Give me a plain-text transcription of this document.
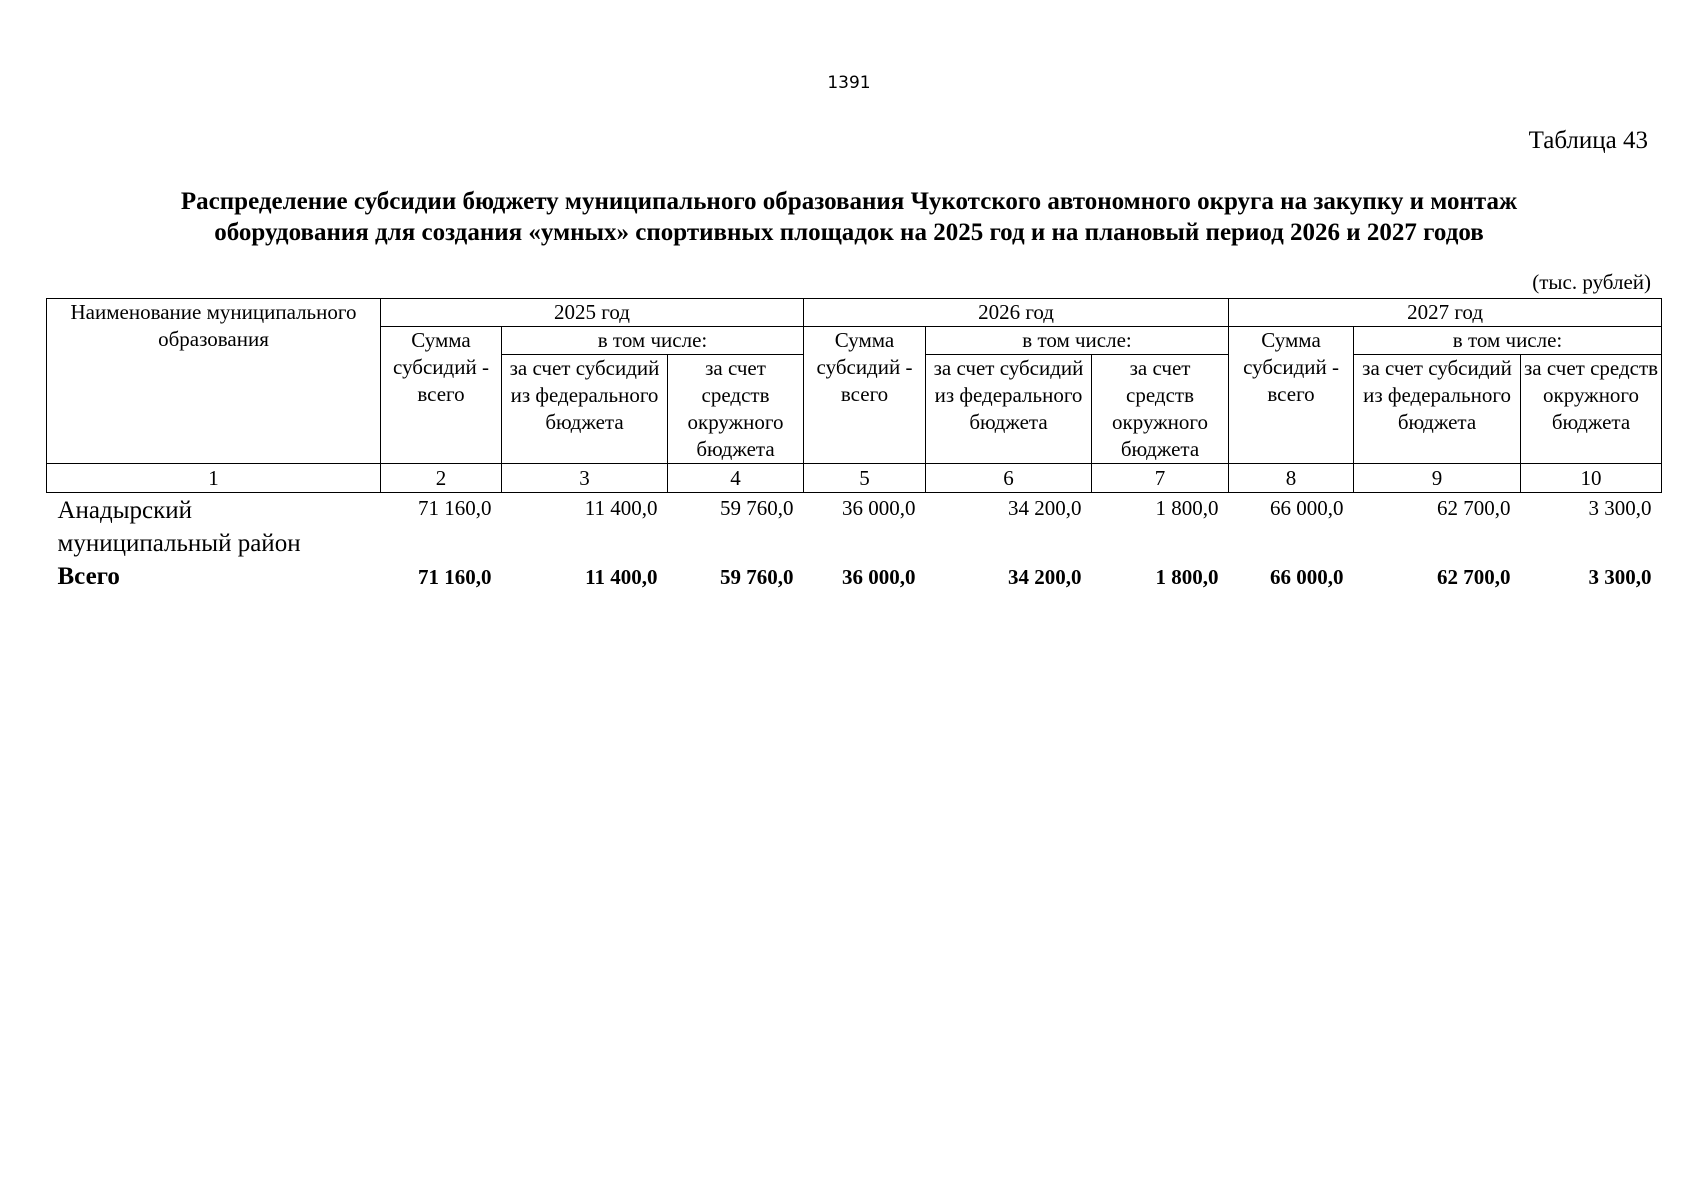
1391
Таблица 43
Распределение субсидии бюджету муниципального образования Чукотского автономного округа на закупку и монтаж
оборудования для создания «умных» спортивных площадок на 2025 год и на плановый период 2026 и 2027 годов
(тыс. рублей)
Наименование муниципального образования	2025 год			2026 год			2027 год		
	Сумма субсидий - всего	в том числе:		Сумма субсидий - всего	в том числе:		Сумма субсидий - всего	в том числе:	
		за счет субсидий из федерального бюджета	за счет средств окружного бюджета		за счет субсидий из федерального бюджета	за счет средств окружного бюджета		за счет субсидий из федерального бюджета	за счет средств окружного бюджета
1	2	3	4	5	6	7	8	9	10
Анадырский муниципальный район	71 160,0	11 400,0	59 760,0	36 000,0	34 200,0	1 800,0	66 000,0	62 700,0	3 300,0
Всего	71 160,0	11 400,0	59 760,0	36 000,0	34 200,0	1 800,0	66 000,0	62 700,0	3 300,0
